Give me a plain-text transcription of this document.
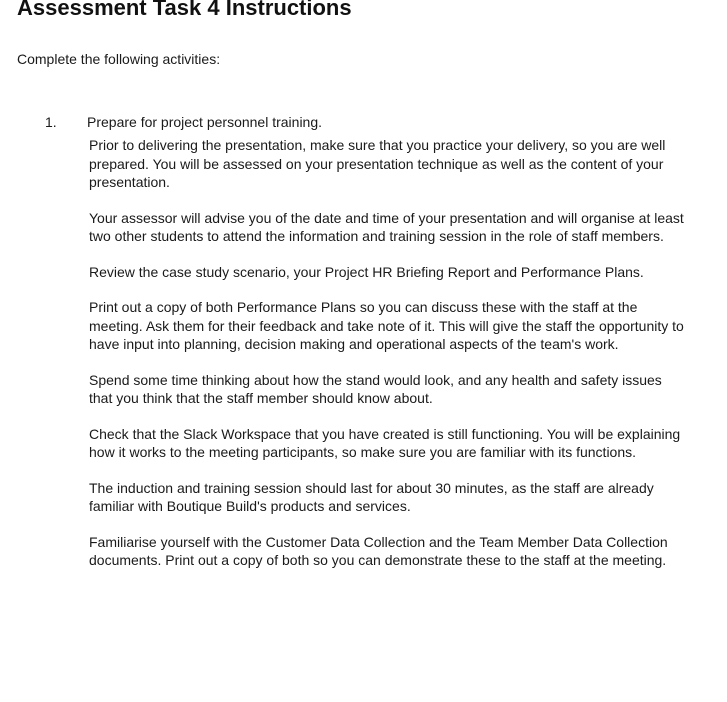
Assessment Task 4 Instructions

Complete the following activities:

1. Prepare for project personnel training.

Prior to delivering the presentation, make sure that you practice your delivery, so you are well prepared. You will be assessed on your presentation technique as well as the content of your presentation.

Your assessor will advise you of the date and time of your presentation and will organise at least two other students to attend the information and training session in the role of staff members.

Review the case study scenario, your Project HR Briefing Report and Performance Plans.

Print out a copy of both Performance Plans so you can discuss these with the staff at the meeting. Ask them for their feedback and take note of it. This will give the staff the opportunity to have input into planning, decision making and operational aspects of the team's work.

Spend some time thinking about how the stand would look, and any health and safety issues that you think that the staff member should know about.

Check that the Slack Workspace that you have created is still functioning. You will be explaining how it works to the meeting participants, so make sure you are familiar with its functions.

The induction and training session should last for about 30 minutes, as the staff are already familiar with Boutique Build's products and services.

Familiarise yourself with the Customer Data Collection and the Team Member Data Collection documents. Print out a copy of both so you can demonstrate these to the staff at the meeting.
